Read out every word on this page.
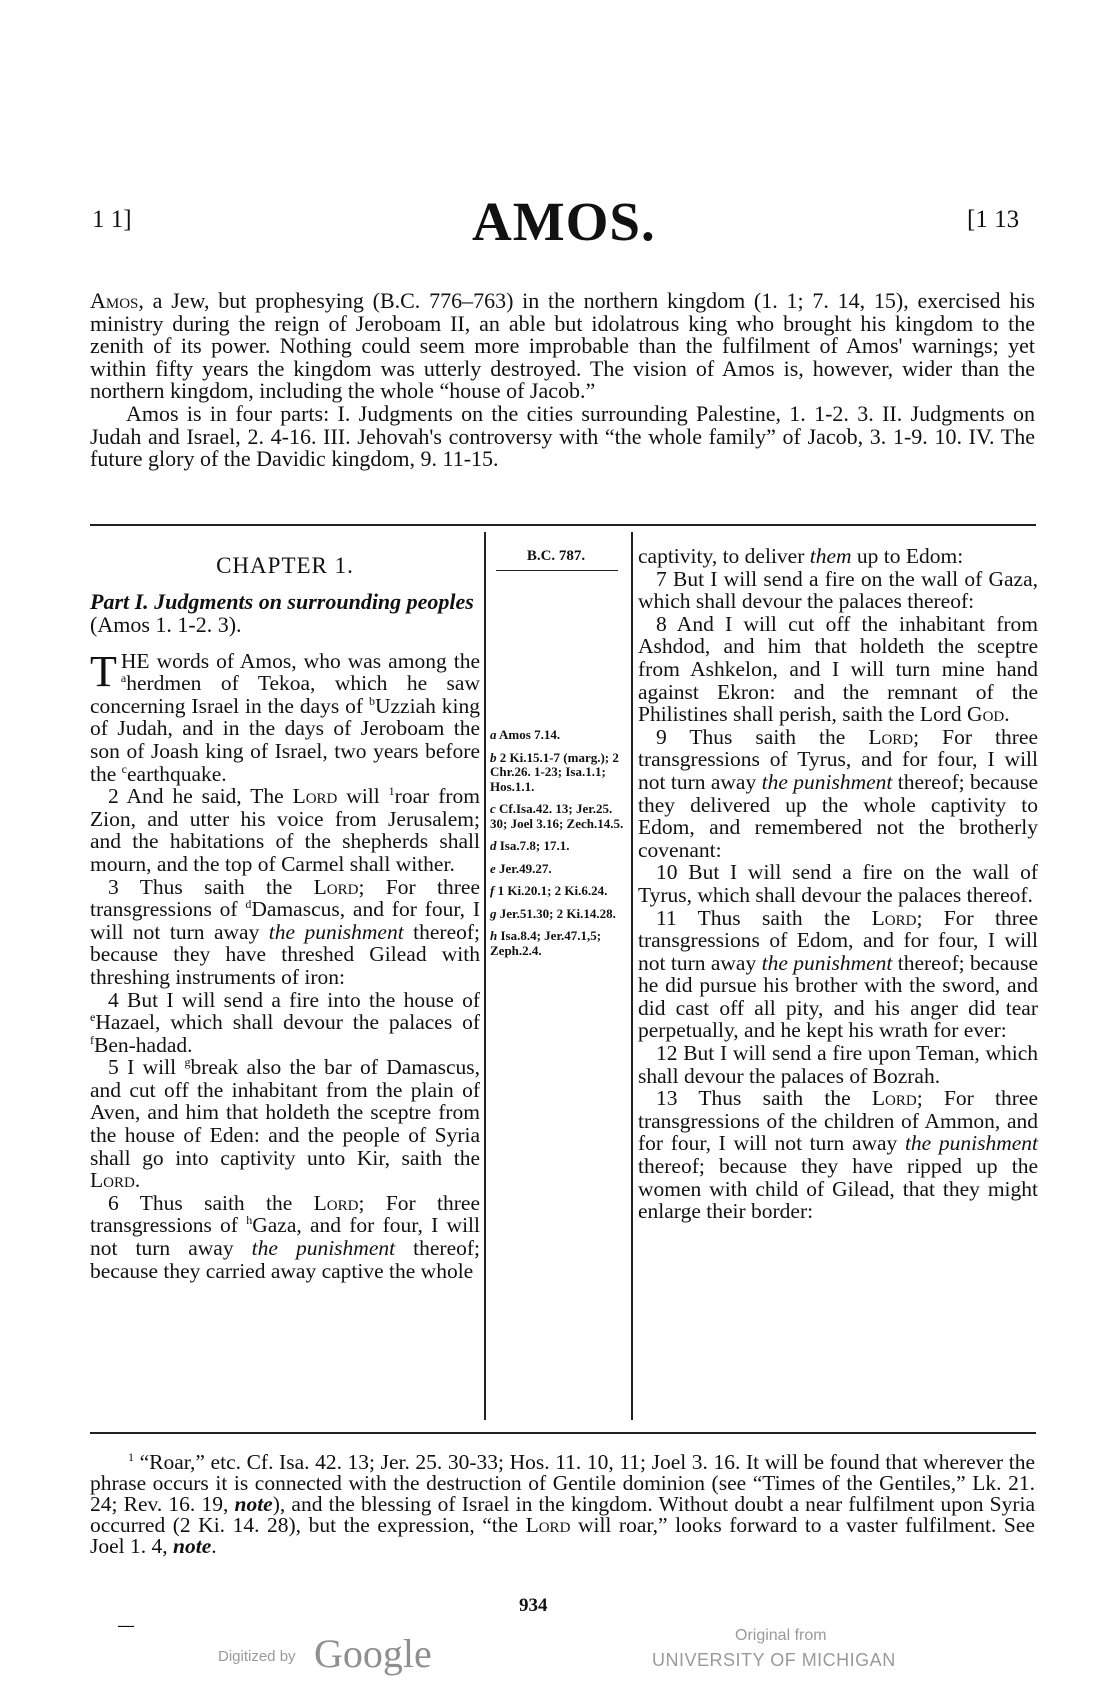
1 1]	AMOS.	[1 13

Amos, a Jew, but prophesying (B.C. 776–763) in the northern kingdom (1. 1; 7. 14, 15), exercised his ministry during the reign of Jeroboam II, an able but idolatrous king who brought his kingdom to the zenith of its power. Nothing could seem more improbable than the fulfilment of Amos' warnings; yet within fifty years the kingdom was utterly destroyed. The vision of Amos is, however, wider than the northern kingdom, including the whole “house of Jacob.”

Amos is in four parts: I. Judgments on the cities surrounding Palestine, 1. 1-2. 3. II. Judgments on Judah and Israel, 2. 4-16. III. Jehovah's controversy with “the whole family” of Jacob, 3. 1-9. 10. IV. The future glory of the Davidic kingdom, 9. 11-15.

CHAPTER 1.

Part I. Judgments on surrounding peoples (Amos 1. 1-2. 3).

THE words of Amos, who was among the $^a$herdmen of Tekoa, which he saw concerning Israel in the days of $^b$Uzziah king of Judah, and in the days of Jeroboam the son of Joash king of Israel, two years before the $^c$earthquake.

2 And he said, The Lord will $^1$roar from Zion, and utter his voice from Jerusalem; and the habitations of the shepherds shall mourn, and the top of Carmel shall wither.

3 Thus saith the Lord; For three transgressions of $^d$Damascus, and for four, I will not turn away the punishment thereof; because they have threshed Gilead with threshing instruments of iron:

4 But I will send a fire into the house of $^e$Hazael, which shall devour the palaces of $^f$Ben-hadad.

5 I will $^g$break also the bar of Damascus, and cut off the inhabitant from the plain of Aven, and him that holdeth the sceptre from the house of Eden: and the people of Syria shall go into captivity unto Kir, saith the Lord.

6 Thus saith the Lord; For three transgressions of $^h$Gaza, and for four, I will not turn away the punishment thereof; because they carried away captive the whole

B.C. 787.
a Amos 7.14.
b 2 Ki.15.1-7 (marg.); 2 Chr.26. 1-23; Isa.1.1; Hos.1.1.
c Cf.Isa.42. 13; Jer.25. 30; Joel 3.16; Zech.14.5.
d Isa.7.8; 17.1.
e Jer.49.27.
f 1 Ki.20.1; 2 Ki.6.24.
g Jer.51.30; 2 Ki.14.28.
h Isa.8.4; Jer.47.1,5; Zeph.2.4.

captivity, to deliver them up to Edom:

7 But I will send a fire on the wall of Gaza, which shall devour the palaces thereof:

8 And I will cut off the inhabitant from Ashdod, and him that holdeth the sceptre from Ashkelon, and I will turn mine hand against Ekron: and the remnant of the Philistines shall perish, saith the Lord God.

9 Thus saith the Lord; For three transgressions of Tyrus, and for four, I will not turn away the punishment thereof; because they delivered up the whole captivity to Edom, and remembered not the brotherly covenant:

10 But I will send a fire on the wall of Tyrus, which shall devour the palaces thereof.

11 Thus saith the Lord; For three transgressions of Edom, and for four, I will not turn away the punishment thereof; because he did pursue his brother with the sword, and did cast off all pity, and his anger did tear perpetually, and he kept his wrath for ever:

12 But I will send a fire upon Teman, which shall devour the palaces of Bozrah.

13 Thus saith the Lord; For three transgressions of the children of Ammon, and for four, I will not turn away the punishment thereof; because they have ripped up the women with child of Gilead, that they might enlarge their border:

$^1$ “Roar,” etc. Cf. Isa. 42. 13; Jer. 25. 30-33; Hos. 11. 10, 11; Joel 3. 16. It will be found that wherever the phrase occurs it is connected with the destruction of Gentile dominion (see “Times of the Gentiles,” Lk. 21. 24; Rev. 16. 19, note), and the blessing of Israel in the kingdom. Without doubt a near fulfilment upon Syria occurred (2 Ki. 14. 28), but the expression, “the Lord will roar,” looks forward to a vaster fulfilment. See Joel 1. 4, note.
934
—
Digitized by Google	Original from
UNIVERSITY OF MICHIGAN
